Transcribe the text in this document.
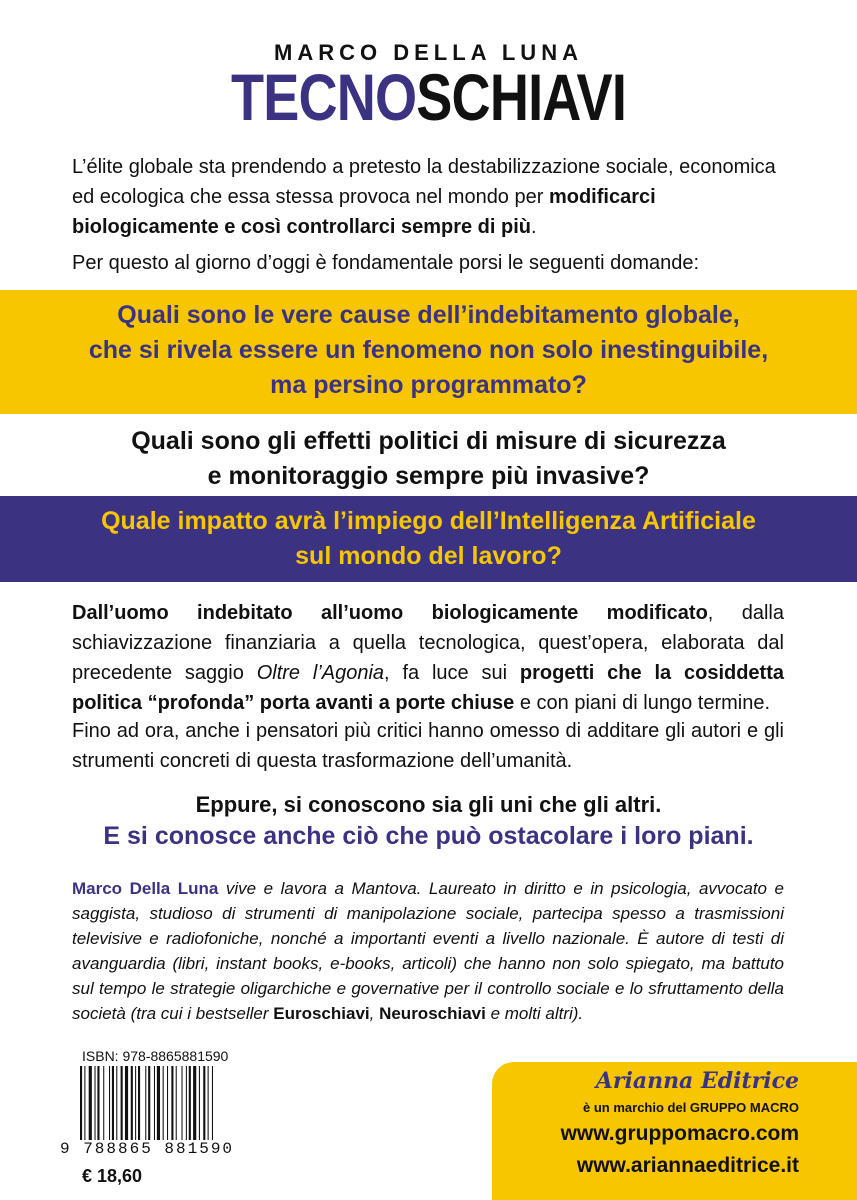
MARCO DELLA LUNA
TECNOSCHIAVI

L’élite globale sta prendendo a pretesto la destabilizzazione sociale, economica ed ecologica che essa stessa provoca nel mondo per modificarci biologicamente e così controllarci sempre di più.

Per questo al giorno d’oggi è fondamentale porsi le seguenti domande:

Quali sono le vere cause dell’indebitamento globale,
che si rivela essere un fenomeno non solo inestinguibile,
ma persino programmato?
Quali sono gli effetti politici di misure di sicurezza
e monitoraggio sempre più invasive?
Quale impatto avrà l’impiego dell’Intelligenza Artificiale
sul mondo del lavoro?

Dall’uomo indebitato all’uomo biologicamente modificato, dalla schiavizzazione finanziaria a quella tecnologica, quest’opera, elaborata dal precedente saggio Oltre l’Agonia, fa luce sui progetti che la cosiddetta politica “profonda” porta avanti a porte chiuse e con piani di lungo termine.

Fino ad ora, anche i pensatori più critici hanno omesso di additare gli autori e gli strumenti concreti di questa trasformazione dell’umanità.

Eppure, si conoscono sia gli uni che gli altri.
E si conosce anche ciò che può ostacolare i loro piani.

Marco Della Luna vive e lavora a Mantova. Laureato in diritto e in psicologia, avvocato e saggista, studioso di strumenti di manipolazione sociale, partecipa spesso a trasmissioni televisive e radiofoniche, nonché a importanti eventi a livello nazionale. È autore di testi di avanguardia (libri, instant books, e-books, articoli) che hanno non solo spiegato, ma battuto sul tempo le strategie oligarchiche e governative per il controllo sociale e lo sfruttamento della società (tra cui i bestseller Euroschiavi, Neuroschiavi e molti altri).

ISBN: 978-8865881590
9 788865 881590
€ 18,60
Arianna Editrice
è un marchio del GRUPPO MACRO
www.gruppomacro.com
www.ariannaeditrice.it
